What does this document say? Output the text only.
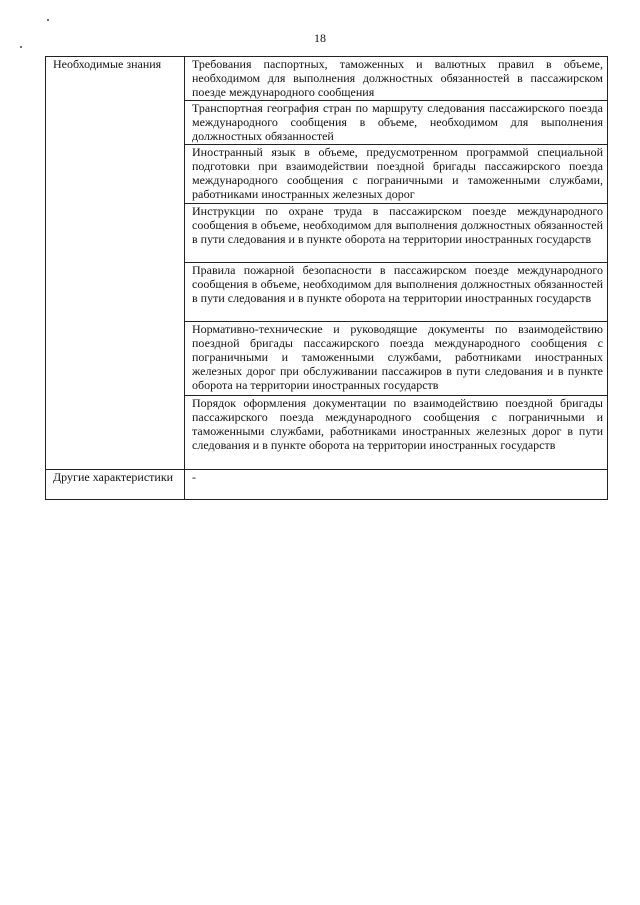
18
Необходимые знания	Требования паспортных, таможенных и валютных правил в объеме, необходимом для выполнения должностных обязанностей в пассажирском поезде международного сообщения
	Транспортная география стран по маршруту следования пассажирского поезда международного сообщения в объеме, необходимом для выполнения должностных обязанностей
	Иностранный язык в объеме, предусмотренном программой специальной подготовки при взаимодействии поездной бригады пассажирского поезда международного сообщения с пограничными и таможенными службами, работниками иностранных железных дорог
	Инструкции по охране труда в пассажирском поезде международного сообщения в объеме, необходимом для выполнения должностных обязанностей в пути следования и в пункте оборота на территории иностранных государств
	Правила пожарной безопасности в пассажирском поезде международного сообщения в объеме, необходимом для выполнения должностных обязанностей в пути следования и в пункте оборота на территории иностранных государств
	Нормативно-технические и руководящие документы по взаимодействию поездной бригады пассажирского поезда международного сообщения с пограничными и таможенными службами, работниками иностранных железных дорог при обслуживании пассажиров в пути следования и в пункте оборота на территории иностранных государств
	Порядок оформления документации по взаимодействию поездной бригады пассажирского поезда международного сообщения с пограничными и таможенными службами, работниками иностранных железных дорог в пути следования и в пункте оборота на территории иностранных государств
Другие характеристики	-
